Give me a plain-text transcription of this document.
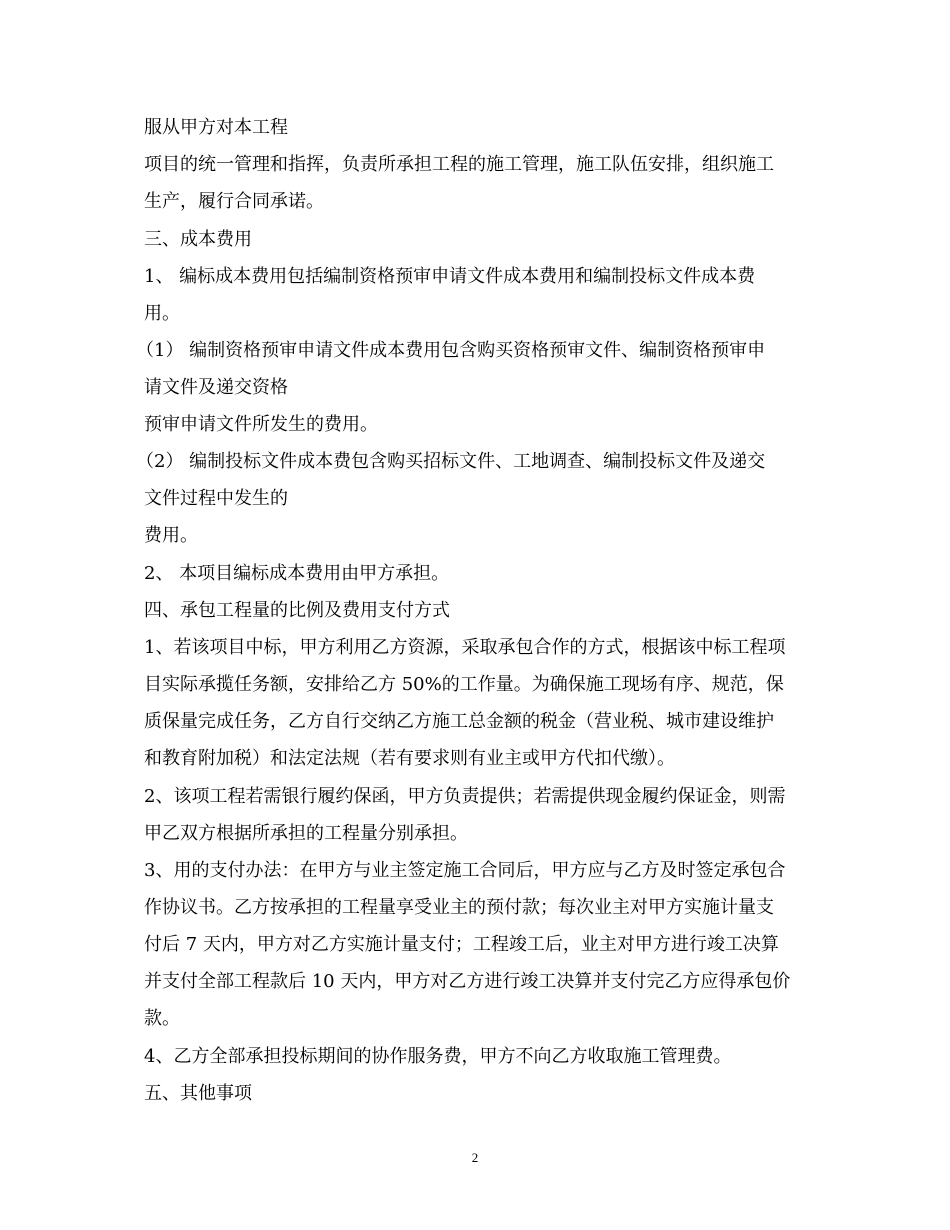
服从甲方对本工程
项目的统一管理和指挥，负责所承担工程的施工管理，施工队伍安排，组织施工
生产，履行合同承诺。
三、成本费用
1、 编标成本费用包括编制资格预审申请文件成本费用和编制投标文件成本费
用。
（1） 编制资格预审申请文件成本费用包含购买资格预审文件、编制资格预审申
请文件及递交资格
预审申请文件所发生的费用。
（2） 编制投标文件成本费包含购买招标文件、工地调查、编制投标文件及递交
文件过程中发生的
费用。
2、 本项目编标成本费用由甲方承担。
四、承包工程量的比例及费用支付方式
1、若该项目中标，甲方利用乙方资源，采取承包合作的方式，根据该中标工程项
目实际承揽任务额，安排给乙方 50%的工作量。为确保施工现场有序、规范，保
质保量完成任务，乙方自行交纳乙方施工总金额的税金（营业税、城市建设维护
和教育附加税）和法定法规（若有要求则有业主或甲方代扣代缴）。
2、该项工程若需银行履约保函，甲方负责提供；若需提供现金履约保证金，则需
甲乙双方根据所承担的工程量分别承担。
3、用的支付办法：在甲方与业主签定施工合同后，甲方应与乙方及时签定承包合
作协议书。乙方按承担的工程量享受业主的预付款；每次业主对甲方实施计量支
付后 7 天内，甲方对乙方实施计量支付；工程竣工后，业主对甲方进行竣工决算
并支付全部工程款后 10 天内，甲方对乙方进行竣工决算并支付完乙方应得承包价
款。
4、乙方全部承担投标期间的协作服务费，甲方不向乙方收取施工管理费。
五、其他事项
2
